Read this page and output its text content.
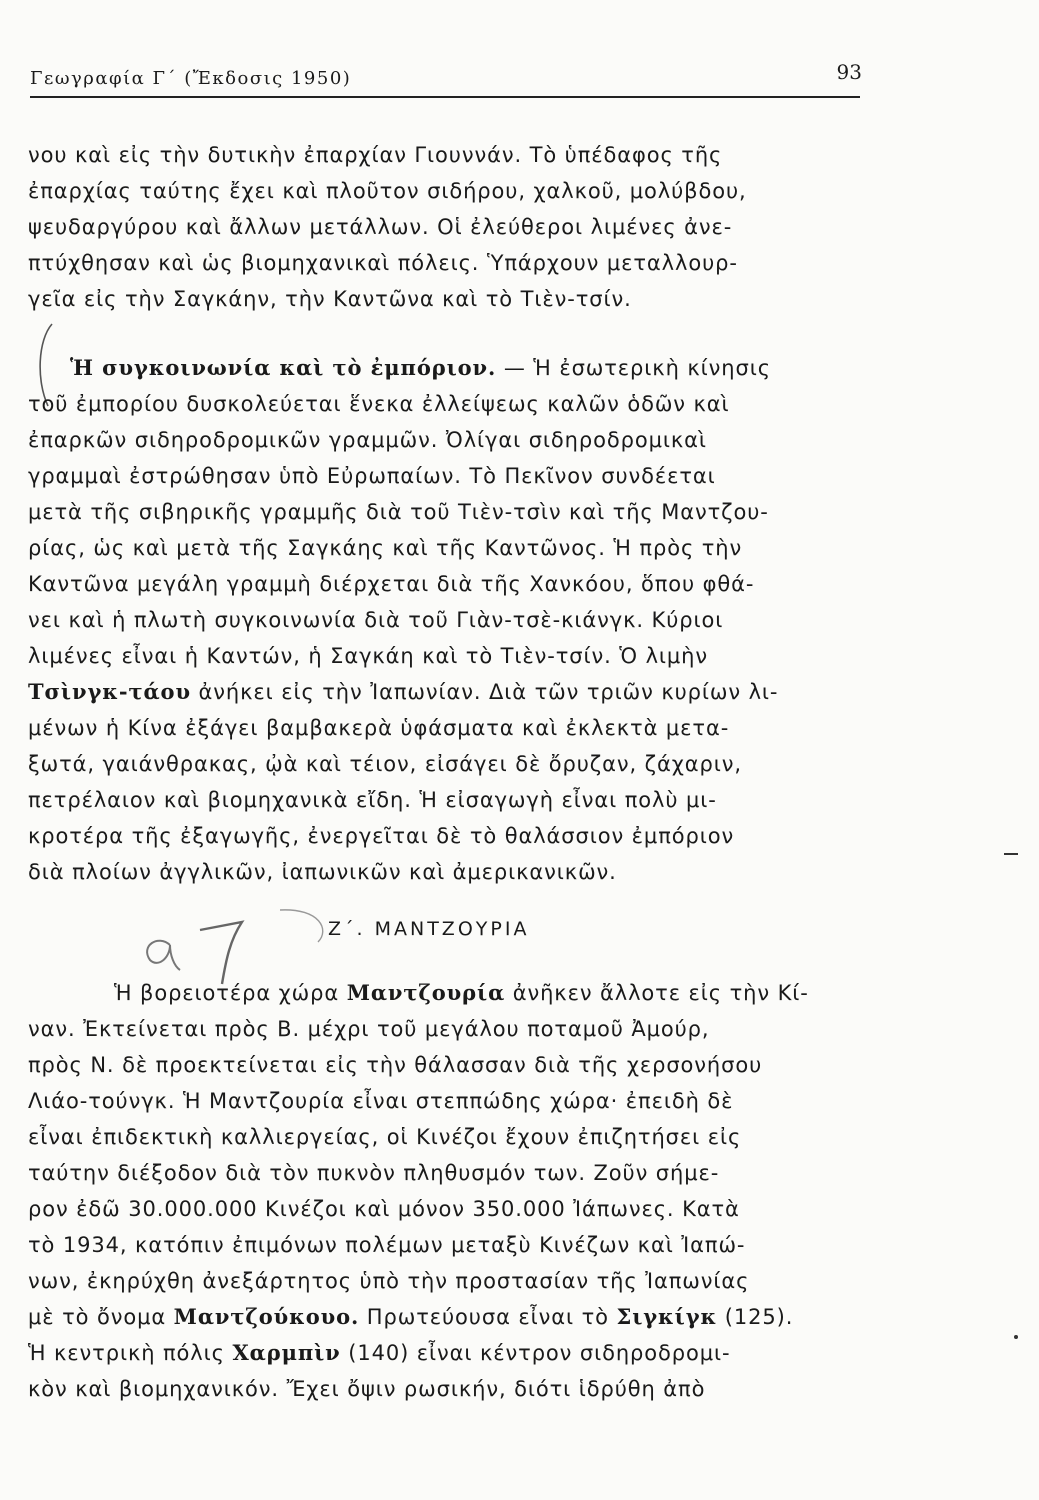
Γεωγραφία Γ΄ (Ἔκδοσις 1950)	93
νου καὶ εἰς τὴν δυτικὴν ἐπαρχίαν Γιουννάν. Τὸ ὑπέδαφος τῆς
ἐπαρχίας ταύτης ἔχει καὶ πλοῦτον σιδήρου, χαλκοῦ, μολύβδου,
ψευδαργύρου καὶ ἄλλων μετάλλων. Οἱ ἐλεύθεροι λιμένες ἀνε-
πτύχθησαν καὶ ὡς βιομηχανικαὶ πόλεις. Ὑπάρχουν μεταλλουρ-
γεῖα εἰς τὴν Σαγκάην, τὴν Καντῶνα καὶ τὸ Τιὲν-τσίν.
Ἡ συγκοινωνία καὶ τὸ ἐμπόριον. — Ἡ ἐσωτερικὴ κίνησις
τοῦ ἐμπορίου δυσκολεύεται ἕνεκα ἐλλείψεως καλῶν ὁδῶν καὶ
ἐπαρκῶν σιδηροδρομικῶν γραμμῶν. Ὀλίγαι σιδηροδρομικαὶ
γραμμαὶ ἐστρώθησαν ὑπὸ Εὐρωπαίων. Τὸ Πεκῖνον συνδέεται
μετὰ τῆς σιβηρικῆς γραμμῆς διὰ τοῦ Τιὲν-τσὶν καὶ τῆς Μαντζου-
ρίας, ὡς καὶ μετὰ τῆς Σαγκάης καὶ τῆς Καντῶνος. Ἡ πρὸς τὴν
Καντῶνα μεγάλη γραμμὴ διέρχεται διὰ τῆς Χανκόου, ὅπου φθά-
νει καὶ ἡ πλωτὴ συγκοινωνία διὰ τοῦ Γιὰν-τσὲ-κιάνγκ. Κύριοι
λιμένες εἶναι ἡ Καντών, ἡ Σαγκάη καὶ τὸ Τιὲν-τσίν. Ὁ λιμὴν
Τσὶνγκ-τάου ἀνήκει εἰς τὴν Ἰαπωνίαν. Διὰ τῶν τριῶν κυρίων λι-
μένων ἡ Κίνα ἐξάγει βαμβακερὰ ὑφάσματα καὶ ἐκλεκτὰ μετα-
ξωτά, γαιάνθρακας, ᾠὰ καὶ τέιον, εἰσάγει δὲ ὄρυζαν, ζάχαριν,
πετρέλαιον καὶ βιομηχανικὰ εἴδη. Ἡ εἰσαγωγὴ εἶναι πολὺ μι-
κροτέρα τῆς ἐξαγωγῆς, ἐνεργεῖται δὲ τὸ θαλάσσιον ἐμπόριον
διὰ πλοίων ἀγγλικῶν, ἰαπωνικῶν καὶ ἀμερικανικῶν.
Ζ΄. ΜΑΝΤΖΟΥΡΙΑ
Ἡ βορειοτέρα χώρα Μαντζουρία ἀνῆκεν ἄλλοτε εἰς τὴν Κί-
ναν. Ἐκτείνεται πρὸς Β. μέχρι τοῦ μεγάλου ποταμοῦ Ἀμούρ,
πρὸς Ν. δὲ προεκτείνεται εἰς τὴν θάλασσαν διὰ τῆς χερσονήσου
Λιάο-τούνγκ. Ἡ Μαντζουρία εἶναι στεππώδης χώρα· ἐπειδὴ δὲ
εἶναι ἐπιδεκτικὴ καλλιεργείας, οἱ Κινέζοι ἔχουν ἐπιζητήσει εἰς
ταύτην διέξοδον διὰ τὸν πυκνὸν πληθυσμόν των. Ζοῦν σήμε-
ρον ἐδῶ 30.000.000 Κινέζοι καὶ μόνον 350.000 Ἰάπωνες. Κατὰ
τὸ 1934, κατόπιν ἐπιμόνων πολέμων μεταξὺ Κινέζων καὶ Ἰαπώ-
νων, ἐκηρύχθη ἀνεξάρτητος ὑπὸ τὴν προστασίαν τῆς Ἰαπωνίας
μὲ τὸ ὄνομα Μαντζούκουο. Πρωτεύουσα εἶναι τὸ Σιγκίγκ (125).
Ἡ κεντρικὴ πόλις Χαρμπὶν (140) εἶναι κέντρον σιδηροδρομι-
κὸν καὶ βιομηχανικόν. Ἔχει ὄψιν ρωσικήν, διότι ἱδρύθη ἀπὸ
